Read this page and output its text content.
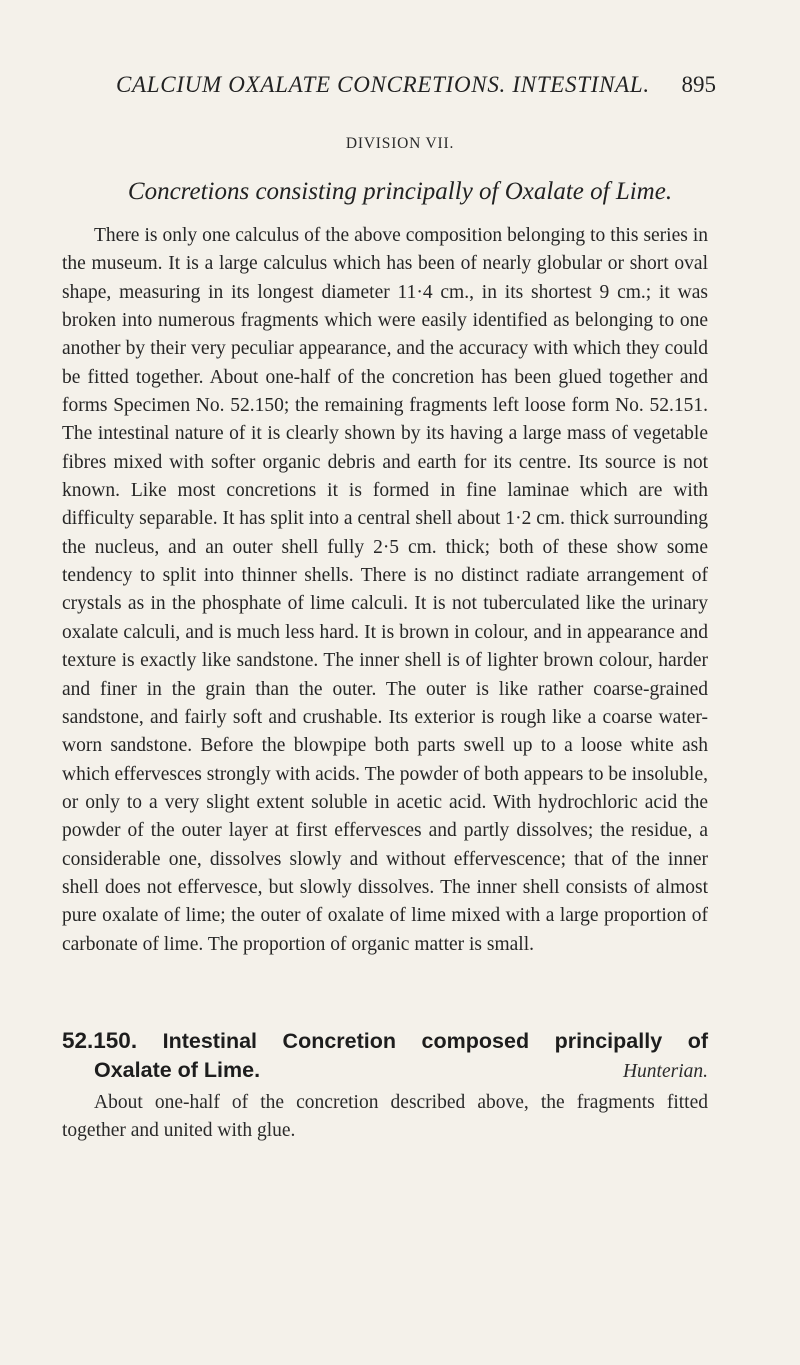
CALCIUM OXALATE CONCRETIONS. INTESTINAL. 895
DIVISION VII.
Concretions consisting principally of Oxalate of Lime.

There is only one calculus of the above composition belonging to this series in the museum. It is a large calculus which has been of nearly globular or short oval shape, measuring in its longest diameter 11·4 cm., in its shortest 9 cm.; it was broken into numerous fragments which were easily identified as belonging to one another by their very peculiar appearance, and the accuracy with which they could be fitted together. About one-half of the concretion has been glued together and forms Specimen No. 52.150; the remaining fragments left loose form No. 52.151. The intestinal nature of it is clearly shown by its having a large mass of vegetable fibres mixed with softer organic debris and earth for its centre. Its source is not known. Like most concretions it is formed in fine laminae which are with difficulty separable. It has split into a central shell about 1·2 cm. thick surrounding the nucleus, and an outer shell fully 2·5 cm. thick; both of these show some tendency to split into thinner shells. There is no distinct radiate arrangement of crystals as in the phosphate of lime calculi. It is not tuberculated like the urinary oxalate calculi, and is much less hard. It is brown in colour, and in appearance and texture is exactly like sandstone. The inner shell is of lighter brown colour, harder and finer in the grain than the outer. The outer is like rather coarse-grained sandstone, and fairly soft and crushable. Its exterior is rough like a coarse water-worn sandstone. Before the blowpipe both parts swell up to a loose white ash which effervesces strongly with acids. The powder of both appears to be insoluble, or only to a very slight extent soluble in acetic acid. With hydrochloric acid the powder of the outer layer at first effervesces and partly dissolves; the residue, a considerable one, dissolves slowly and without effervescence; that of the inner shell does not effervesce, but slowly dissolves. The inner shell consists of almost pure oxalate of lime; the outer of oxalate of lime mixed with a large proportion of carbonate of lime. The proportion of organic matter is small.

52.150. Intestinal Concretion composed principally of
Oxalate of Lime.	Hunterian.
About one-half of the concretion described above, the fragments fitted together and united with glue.
